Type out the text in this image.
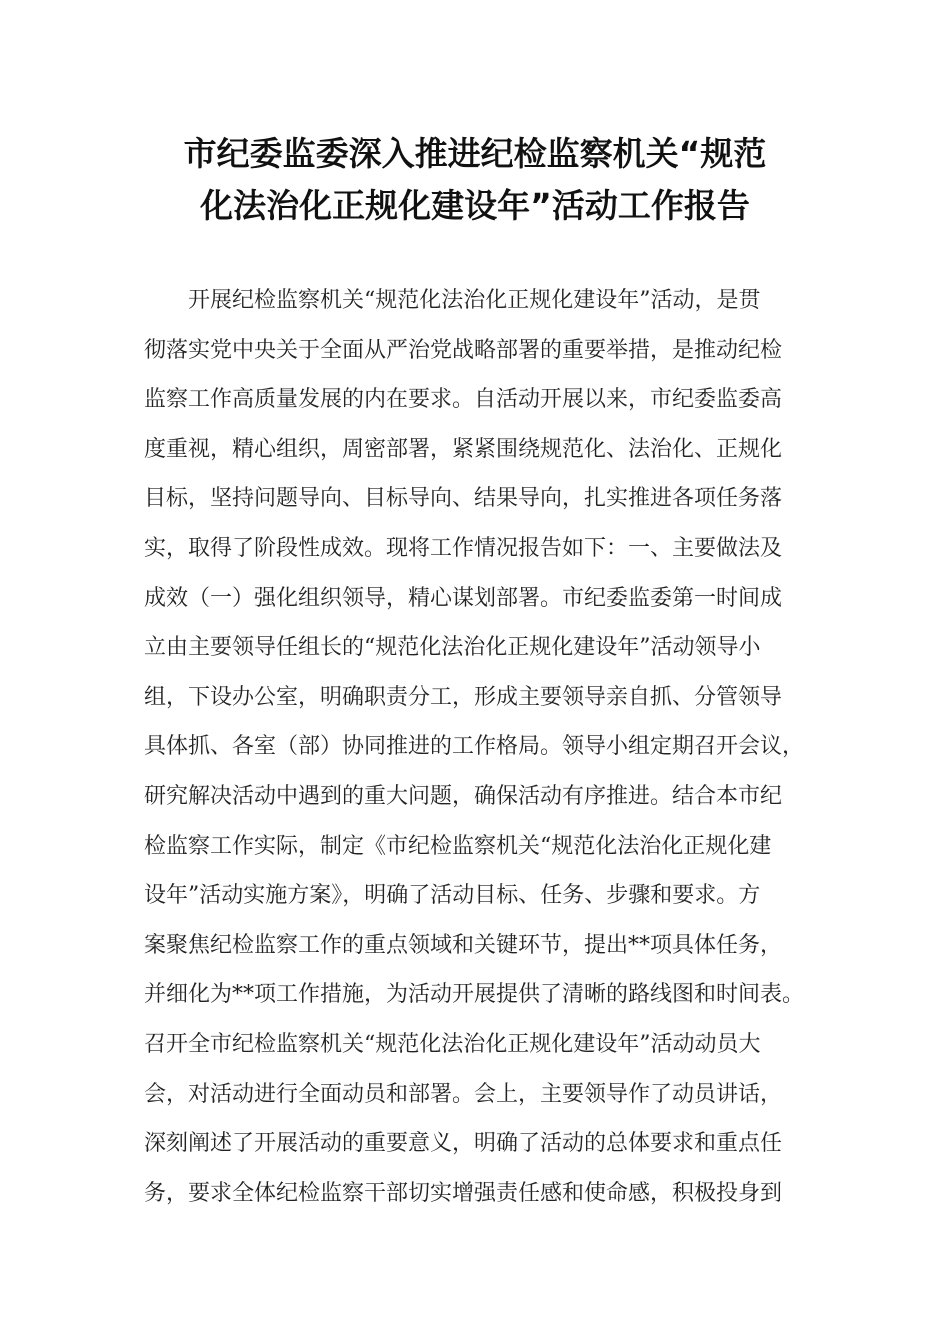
市纪委监委深入推进纪检监察机关“规范
化法治化正规化建设年”活动工作报告
开展纪检监察机关“规范化法治化正规化建设年”活动，是贯
彻落实党中央关于全面从严治党战略部署的重要举措，是推动纪检
监察工作高质量发展的内在要求。自活动开展以来，市纪委监委高
度重视，精心组织，周密部署，紧紧围绕规范化、法治化、正规化
目标，坚持问题导向、目标导向、结果导向，扎实推进各项任务落
实，取得了阶段性成效。现将工作情况报告如下：一、主要做法及
成效（一）强化组织领导，精心谋划部署。市纪委监委第一时间成
立由主要领导任组长的“规范化法治化正规化建设年”活动领导小
组，下设办公室，明确职责分工，形成主要领导亲自抓、分管领导
具体抓、各室（部）协同推进的工作格局。领导小组定期召开会议，
研究解决活动中遇到的重大问题，确保活动有序推进。结合本市纪
检监察工作实际，制定《市纪检监察机关“规范化法治化正规化建
设年”活动实施方案》，明确了活动目标、任务、步骤和要求。方
案聚焦纪检监察工作的重点领域和关键环节，提出**项具体任务，
并细化为**项工作措施，为活动开展提供了清晰的路线图和时间表。
召开全市纪检监察机关“规范化法治化正规化建设年”活动动员大
会，对活动进行全面动员和部署。会上，主要领导作了动员讲话，
深刻阐述了开展活动的重要意义，明确了活动的总体要求和重点任
务，要求全体纪检监察干部切实增强责任感和使命感，积极投身到
